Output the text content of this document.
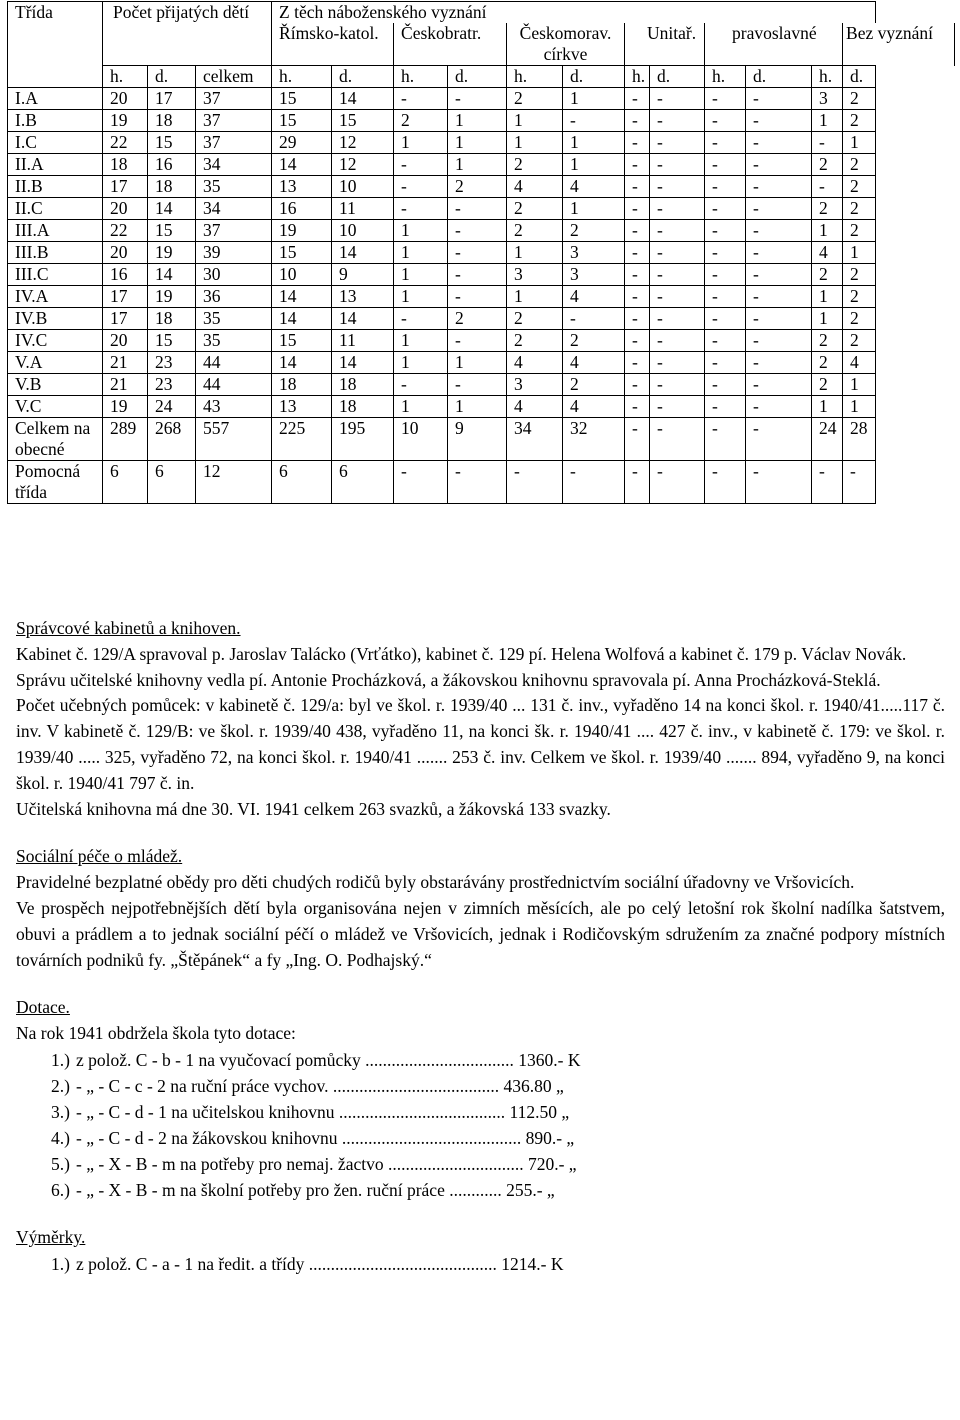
Třída	Počet přijatých dětí			Z těch náboženského vyznání											
				Římsko-katol.		Českobratr.		Českomorav. církve		Unitař.		pravoslavné			Bez vyznání
	h.	d.	celkem	h.	d.	h.	d.	h.	d.	h.	d.	h.	d.	h.	d.
I.A	20	17	37	15	14	-	-	2	1	-	-	-	-	3	2
I.B	19	18	37	15	15	2	1	1	-	-	-	-	-	1	2
I.C	22	15	37	29	12	1	1	1	1	-	-	-	-	-	1
II.A	18	16	34	14	12	-	1	2	1	-	-	-	-	2	2
II.B	17	18	35	13	10	-	2	4	4	-	-	-	-	-	2
II.C	20	14	34	16	11	-	-	2	1	-	-	-	-	2	2
III.A	22	15	37	19	10	1	-	2	2	-	-	-	-	1	2
III.B	20	19	39	15	14	1	-	1	3	-	-	-	-	4	1
III.C	16	14	30	10	9	1	-	3	3	-	-	-	-	2	2
IV.A	17	19	36	14	13	1	-	1	4	-	-	-	-	1	2
IV.B	17	18	35	14	14	-	2	2	-	-	-	-	-	1	2
IV.C	20	15	35	15	11	1	-	2	2	-	-	-	-	2	2
V.A	21	23	44	14	14	1	1	4	4	-	-	-	-	2	4
V.B	21	23	44	18	18	-	-	3	2	-	-	-	-	2	1
V.C	19	24	43	13	18	1	1	4	4	-	-	-	-	1	1
Celkem na obecné	289	268	557	225	195	10	9	34	32	-	-	-	-	24	28
Pomocná třída	6	6	12	6	6	-	-	-	-	-	-	-	-	-	-

Správcové kabinetů a knihoven.

Kabinet č. 129/A spravoval p. Jaroslav Talácko (Vrťátko), kabinet č. 129 pí. Helena Wolfová a kabinet č. 179 p. Václav Novák.

Správu učitelské knihovny vedla pí. Antonie Procházková, a žákovskou knihovnu spravovala pí. Anna Procházková-Steklá.

Počet učebných pomůcek: v kabinetě č. 129/a: byl ve škol. r. 1939/40 ... 131 č. inv., vyřaděno 14 na konci škol. r. 1940/41.....117 č. inv. V kabinetě č. 129/B: ve škol. r. 1939/40 438, vyřaděno 11, na konci šk. r. 1940/41 .... 427 č. inv., v kabinetě č. 179: ve škol. r. 1939/40 ..... 325, vyřaděno 72, na konci škol. r. 1940/41 ....... 253 č. inv. Celkem ve škol. r. 1939/40 ....... 894, vyřaděno 9, na konci škol. r. 1940/41 797 č. in.

Učitelská knihovna má dne 30. VI. 1941 celkem 263 svazků, a žákovská 133 svazky.

Sociální péče o mládež.

Pravidelné bezplatné obědy pro děti chudých rodičů byly obstarávány prostřednictvím sociální úřadovny ve Vršovicích.

Ve prospěch nejpotřebnějších dětí byla organisována nejen v zimních měsících, ale po celý letošní rok školní nadílka šatstvem, obuvi a prádlem a to jednak sociální péčí o mládež ve Vršovicích, jednak i Rodičovským sdružením za značné podpory místních továrních podniků fy. „Štěpánek“ a fy „Ing. O. Podhajský.“

Dotace.

Na rok 1941 obdržela škola tyto dotace:

1.) z polož. C - b - 1 na vyučovací pomůcky .................................. 1360.- K
2.) - „ - C - c - 2 na ruční práce vychov. ...................................... 436.80 „
3.) - „ - C - d - 1 na učitelskou knihovnu ...................................... 112.50 „
4.) - „ - C - d - 2 na žákovskou knihovnu ......................................... 890.- „
5.) - „ - X - B - m na potřeby pro nemaj. žactvo ............................... 720.- „
6.) - „ - X - B - m na školní potřeby pro žen. ruční práce ............ 255.- „

Výměrky.

1.) z polož. C - a - 1 na ředit. a třídy ........................................... 1214.- K
